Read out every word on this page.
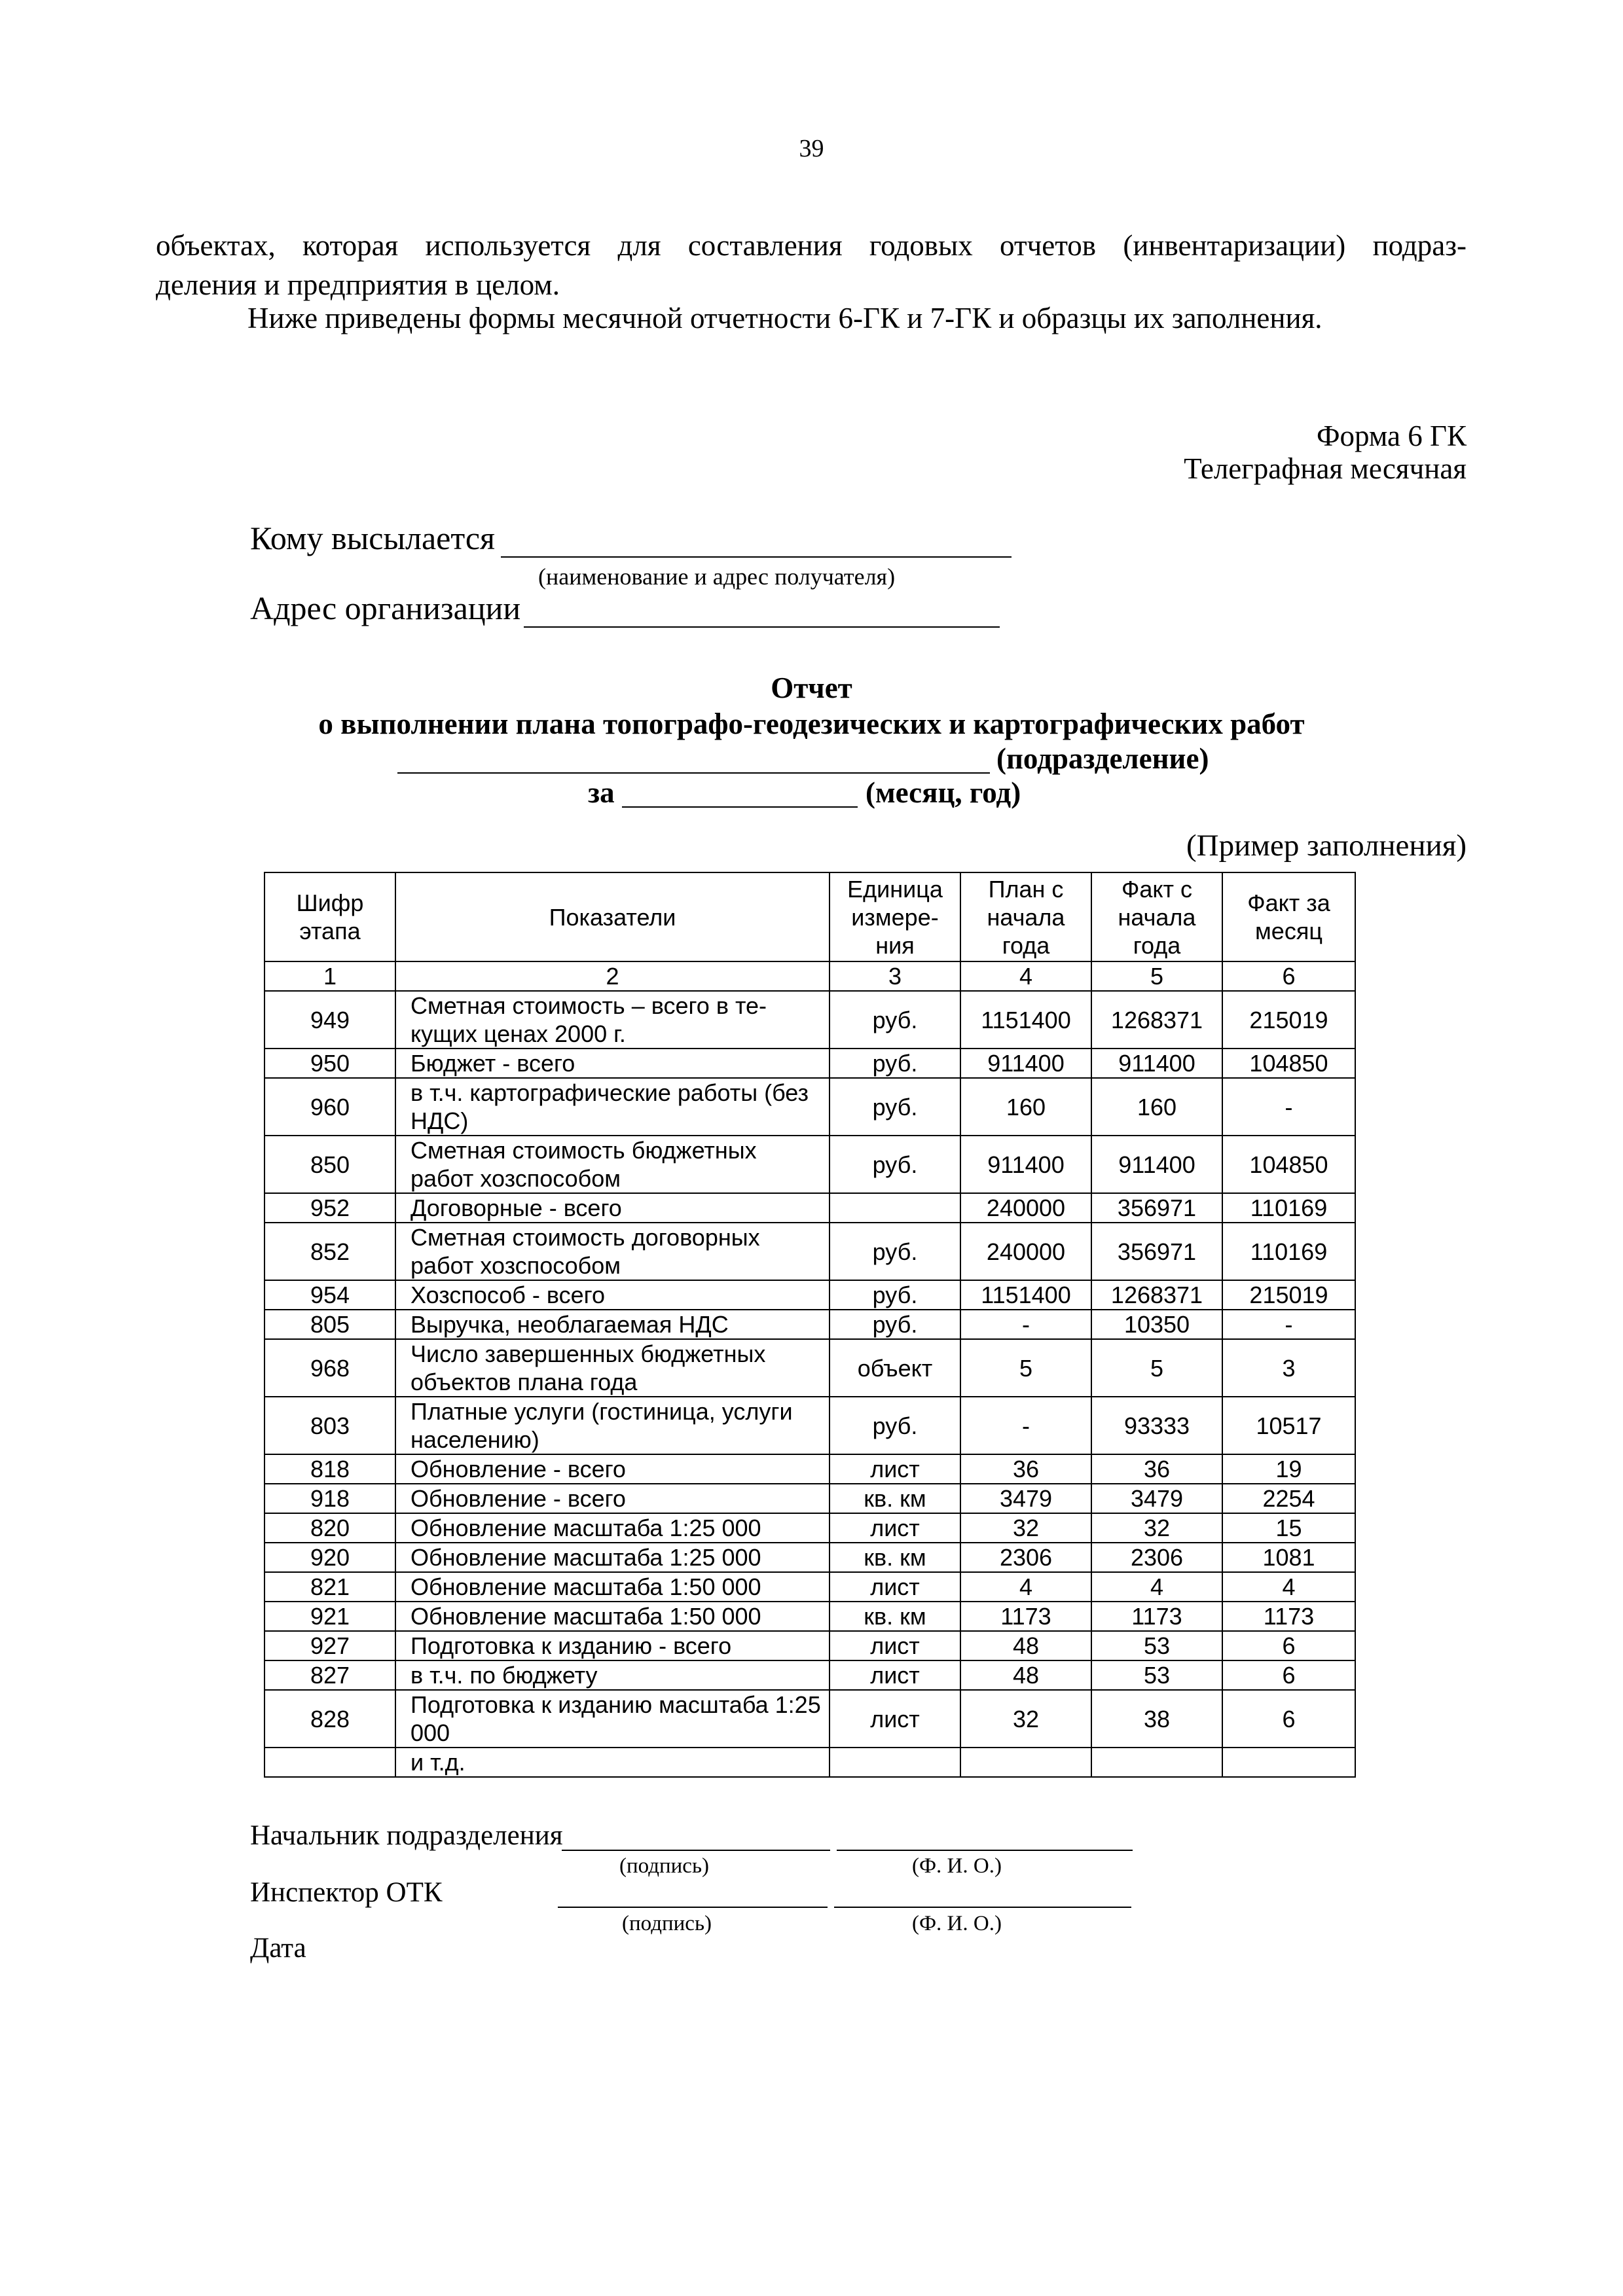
39
объектах, которая используется для составления годовых отчетов (инвентаризации) подраз-
деления и предприятия в целом.
Ниже приведены формы месячной отчетности 6-ГК и 7-ГК и образцы их заполнения.
Форма 6 ГК
Телеграфная месячная
Кому высылается
(наименование и адрес получателя)
Адрес организации
Отчет
о выполнении плана топографо-геодезических и картографических работ
(подразделение)
за	(месяц, год)
(Пример заполнения)
Шифр этапа	Показатели	Единица измере-ния	План с начала года	Факт с начала года	Факт за месяц
1	2	3	4	5	6
949	Сметная стоимость – всего в те-кущих ценах 2000 г.	руб.	1151400	1268371	215019
950	Бюджет - всего	руб.	911400	911400	104850
960	в т.ч. картографические работы (без НДС)	руб.	160	160	-
850	Сметная стоимость бюджетных работ хозспособом	руб.	911400	911400	104850
952	Договорные - всего		240000	356971	110169
852	Сметная стоимость договорных работ хозспособом	руб.	240000	356971	110169
954	Хозспособ - всего	руб.	1151400	1268371	215019
805	Выручка, необлагаемая НДС	руб.	-	10350	-
968	Число завершенных бюджетных объектов плана года	объект	5	5	3
803	Платные услуги (гостиница, услуги населению)	руб.	-	93333	10517
818	Обновление - всего	лист	36	36	19
918	Обновление - всего	кв. км	3479	3479	2254
820	Обновление масштаба 1:25 000	лист	32	32	15
920	Обновление масштаба 1:25 000	кв. км	2306	2306	1081
821	Обновление масштаба 1:50 000	лист	4	4	4
921	Обновление масштаба 1:50 000	кв. км	1173	1173	1173
927	Подготовка к изданию - всего	лист	48	53	6
827	в т.ч. по бюджету	лист	48	53	6
828	Подготовка к изданию масштаба 1:25 000	лист	32	38	6
	и т.д.				
Начальник подразделения
(подпись)	(Ф. И. О.)
Инспектор ОТК
(подпись)	(Ф. И. О.)
Дата
